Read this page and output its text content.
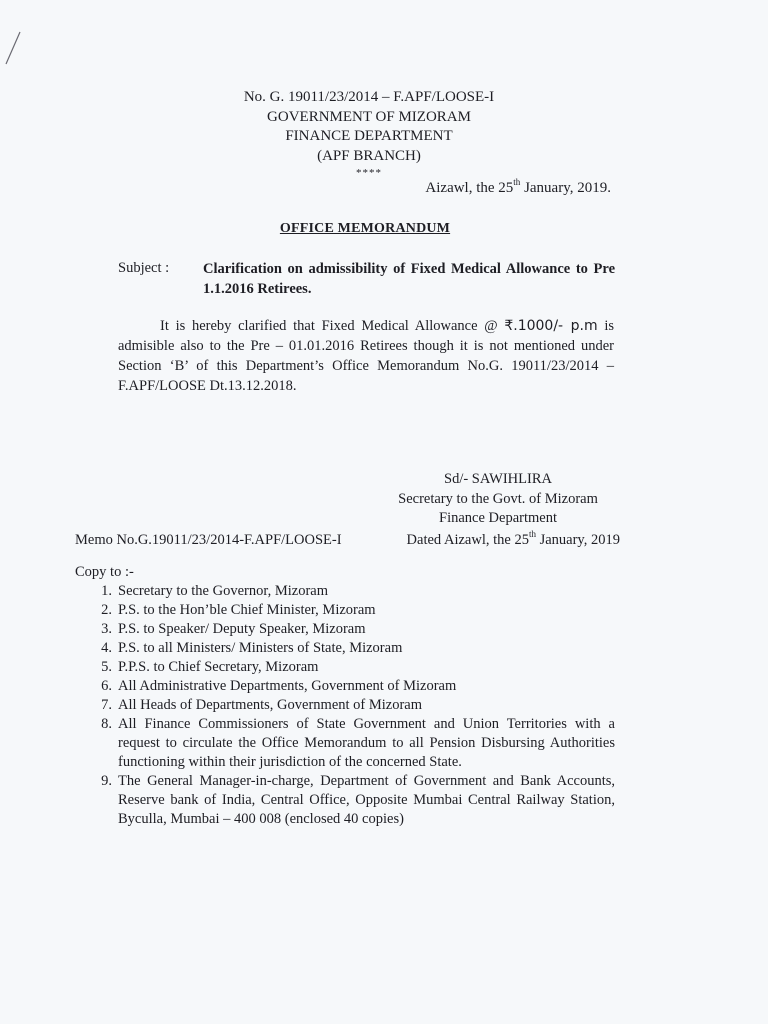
No. G. 19011/23/2014 – F.APF/LOOSE-I
GOVERNMENT OF MIZORAM
FINANCE DEPARTMENT
(APF BRANCH)
****
Aizawl, the 25th January, 2019.
OFFICE MEMORANDUM
Subject : Clarification on admissibility of Fixed Medical Allowance to Pre 1.1.2016 Retirees.

It is hereby clarified that Fixed Medical Allowance @ ₹.1000/- p.m is admisible also to the Pre – 01.01.2016 Retirees though it is not mentioned under Section ‘B’ of this Department’s Office Memorandum No.G. 19011/23/2014 – F.APF/LOOSE Dt.13.12.2018.

Sd/- SAWIHLIRA
Secretary to the Govt. of Mizoram
Finance Department
Memo No.G.19011/23/2014-F.APF/LOOSE-I	Dated Aizawl, the 25th January, 2019
Copy to :-
1. Secretary to the Governor, Mizoram
2. P.S. to the Hon’ble Chief Minister, Mizoram
3. P.S. to Speaker/ Deputy Speaker, Mizoram
4. P.S. to all Ministers/ Ministers of State, Mizoram
5. P.P.S. to Chief Secretary, Mizoram
6. All Administrative Departments, Government of Mizoram
7. All Heads of Departments, Government of Mizoram
8. All Finance Commissioners of State Government and Union Territories with a request to circulate the Office Memorandum to all Pension Disbursing Authorities functioning within their jurisdiction of the concerned State.
9. The General Manager-in-charge, Department of Government and Bank Accounts, Reserve bank of India, Central Office, Opposite Mumbai Central Railway Station, Byculla, Mumbai – 400 008 (enclosed 40 copies)
